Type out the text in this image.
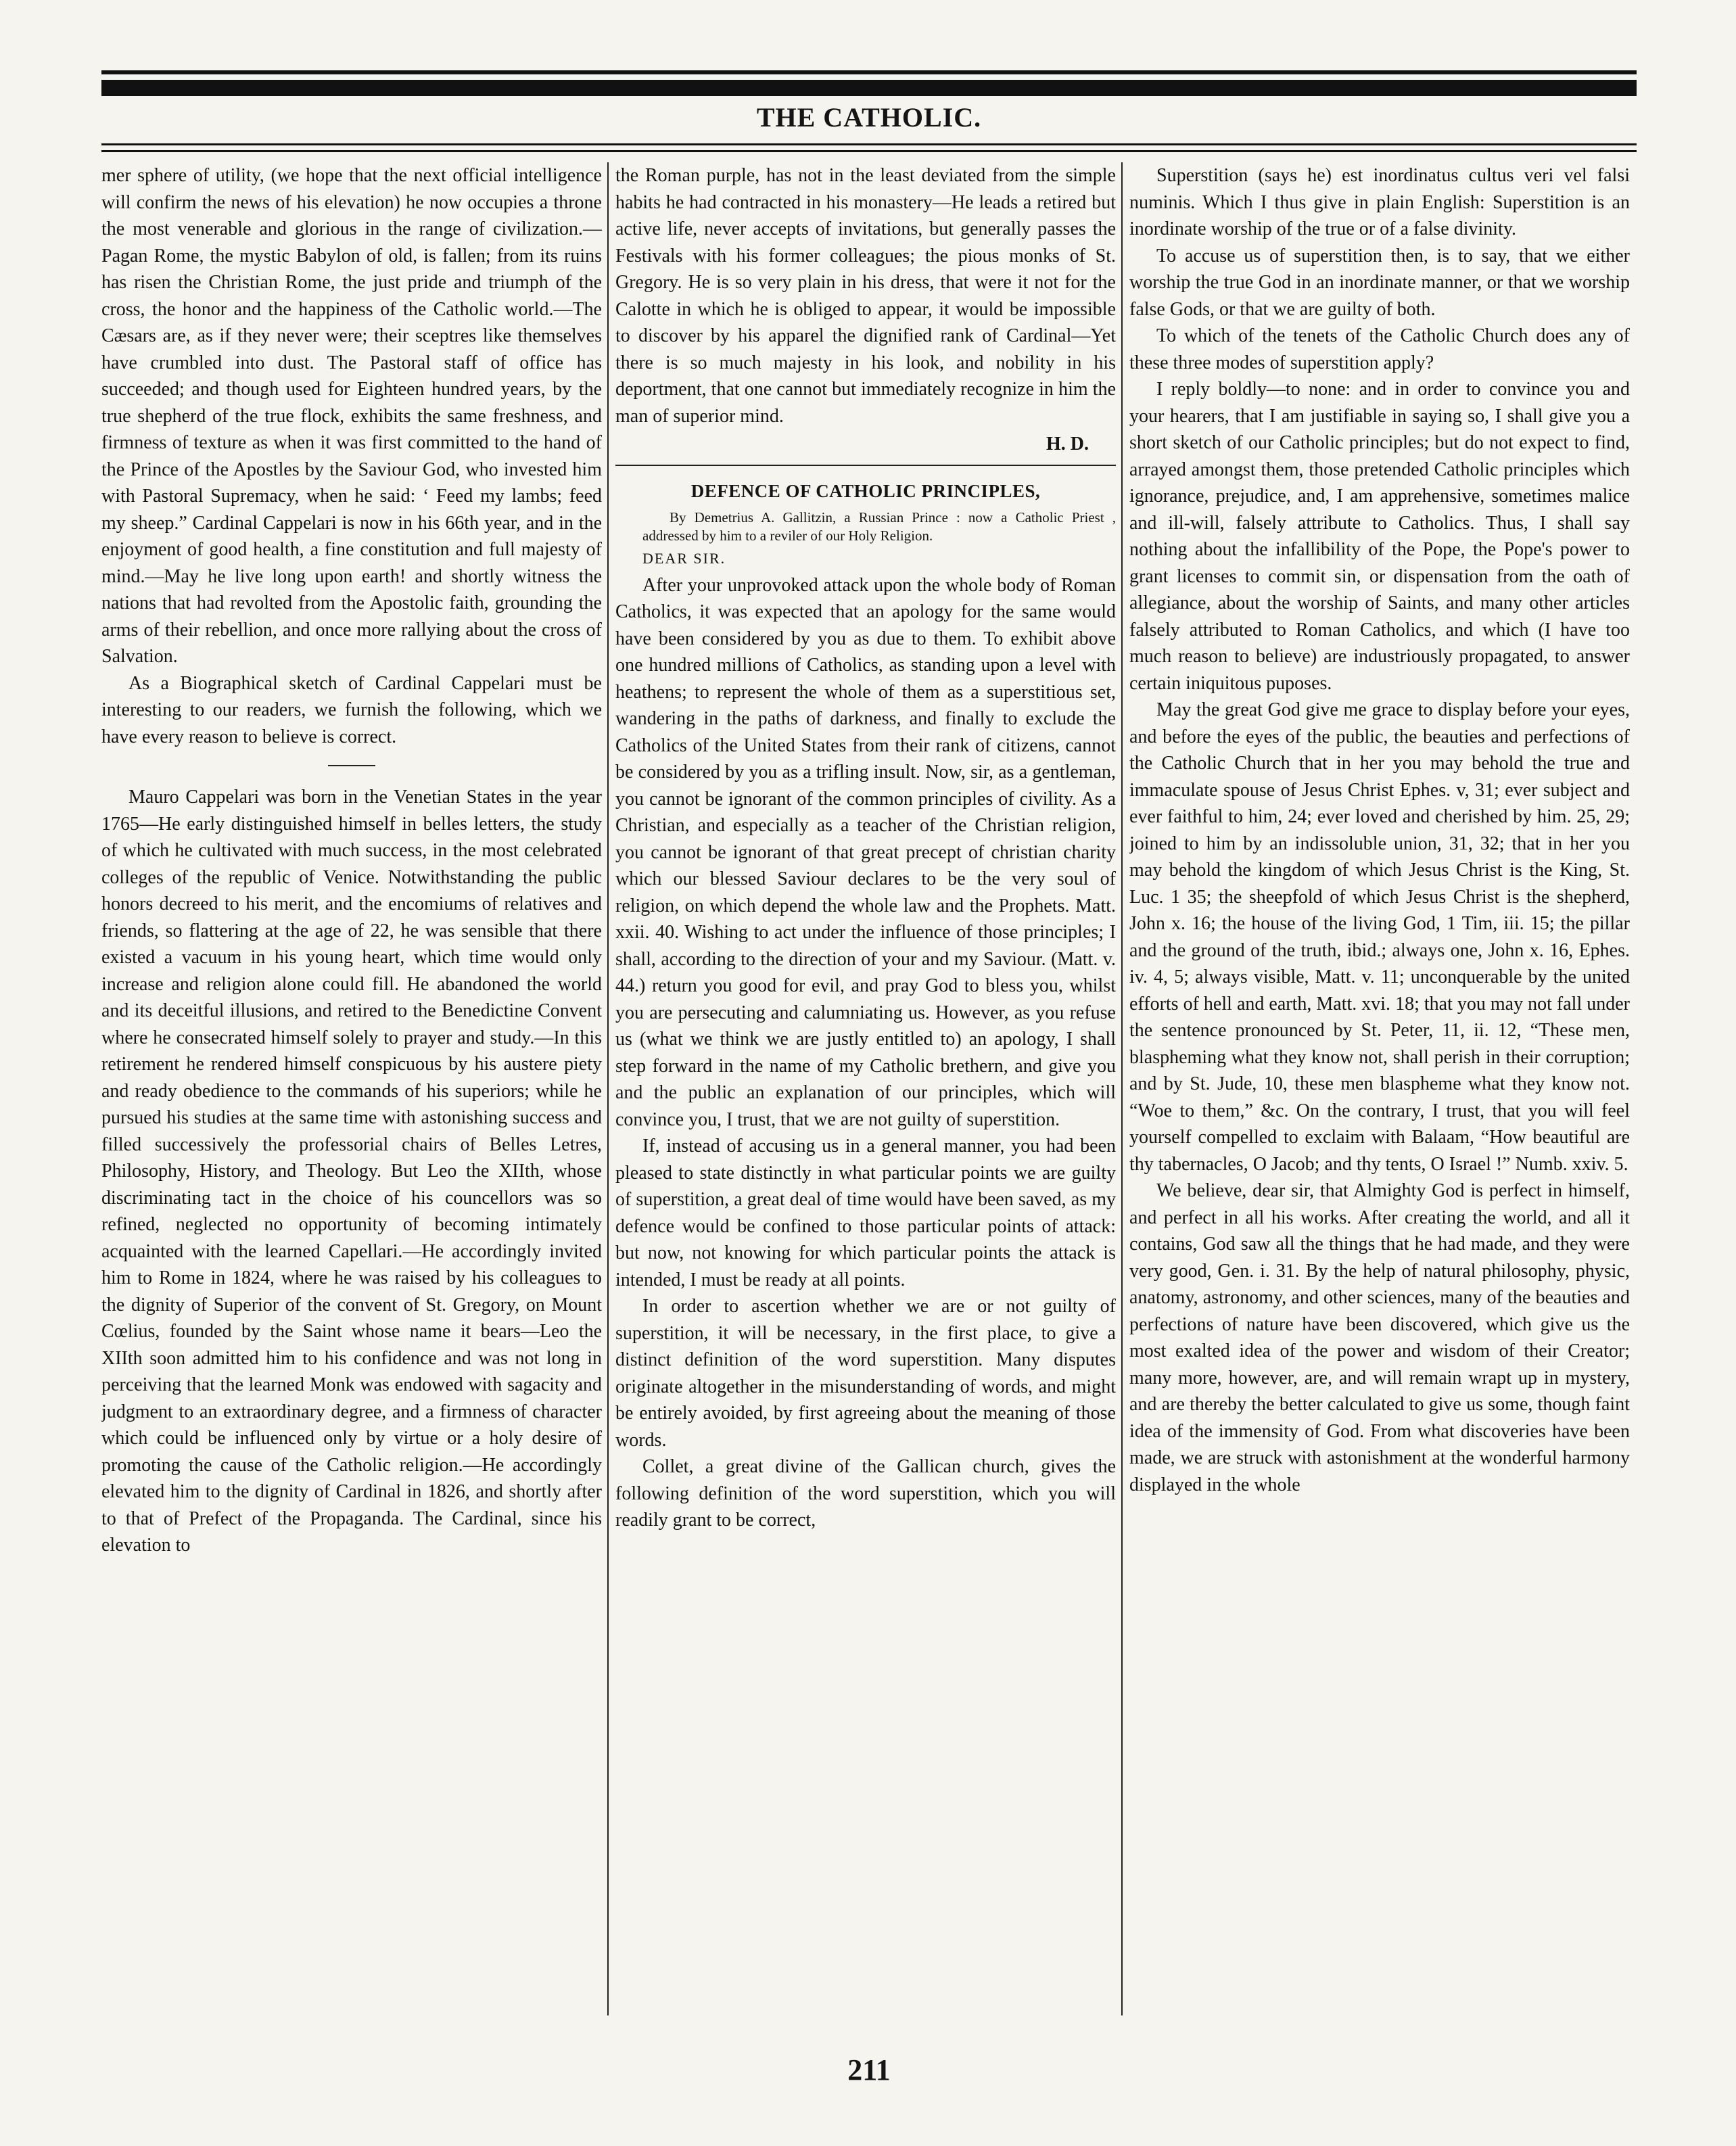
THE CATHOLIC.

mer sphere of utility, (we hope that the next official intelligence will confirm the news of his elevation) he now occupies a throne the most venerable and glorious in the range of civilization.—Pagan Rome, the mystic Babylon of old, is fallen; from its ruins has risen the Christian Rome, the just pride and triumph of the cross, the honor and the happiness of the Catholic world.—The Cæsars are, as if they never were; their sceptres like themselves have crumbled into dust. The Pastoral staff of office has succeeded; and though used for Eighteen hundred years, by the true shepherd of the true flock, exhibits the same freshness, and firmness of texture as when it was first committed to the hand of the Prince of the Apostles by the Saviour God, who invested him with Pastoral Supremacy, when he said: ‘ Feed my lambs; feed my sheep.” Cardinal Cappelari is now in his 66th year, and in the enjoyment of good health, a fine constitution and full majesty of mind.—May he live long upon earth! and shortly witness the nations that had revolted from the Apostolic faith, grounding the arms of their rebellion, and once more rallying about the cross of Salvation.

As a Biographical sketch of Cardinal Cappelari must be interesting to our readers, we furnish the following, which we have every reason to believe is correct.

Mauro Cappelari was born in the Venetian States in the year 1765—He early distinguished himself in belles letters, the study of which he cultivated with much success, in the most celebrated colleges of the republic of Venice. Notwithstanding the public honors decreed to his merit, and the encomiums of relatives and friends, so flattering at the age of 22, he was sensible that there existed a vacuum in his young heart, which time would only increase and religion alone could fill. He abandoned the world and its deceitful illusions, and retired to the Benedictine Convent where he consecrated himself solely to prayer and study.—In this retirement he rendered himself conspicuous by his austere piety and ready obedience to the commands of his superiors; while he pursued his studies at the same time with astonishing success and filled successively the professorial chairs of Belles Letres, Philosophy, History, and Theology. But Leo the XIIth, whose discriminating tact in the choice of his councellors was so refined, neglected no opportunity of becoming intimately acquainted with the learned Capellari.—He accordingly invited him to Rome in 1824, where he was raised by his colleagues to the dignity of Superior of the convent of St. Gregory, on Mount Cœlius, founded by the Saint whose name it bears—Leo the XIIth soon admitted him to his confidence and was not long in perceiving that the learned Monk was endowed with sagacity and judgment to an extraordinary degree, and a firmness of character which could be influenced only by virtue or a holy desire of promoting the cause of the Catholic religion.—He accordingly elevated him to the dignity of Cardinal in 1826, and shortly after to that of Prefect of the Propaganda. The Cardinal, since his elevation to

the Roman purple, has not in the least deviated from the simple habits he had contracted in his monastery—He leads a retired but active life, never accepts of invitations, but generally passes the Festivals with his former colleagues; the pious monks of St. Gregory. He is so very plain in his dress, that were it not for the Calotte in which he is obliged to appear, it would be impossible to discover by his apparel the dignified rank of Cardinal—Yet there is so much majesty in his look, and nobility in his deportment, that one cannot but immediately recognize in him the man of superior mind.

H. D.
DEFENCE OF CATHOLIC PRINCIPLES,

By Demetrius A. Gallitzin, a Russian Prince : now a Catholic Priest , addressed by him to a reviler of our Holy Religion.

DEAR SIR.

After your unprovoked attack upon the whole body of Roman Catholics, it was expected that an apology for the same would have been considered by you as due to them. To exhibit above one hundred millions of Catholics, as standing upon a level with heathens; to represent the whole of them as a superstitious set, wandering in the paths of darkness, and finally to exclude the Catholics of the United States from their rank of citizens, cannot be considered by you as a trifling insult. Now, sir, as a gentleman, you cannot be ignorant of the common principles of civility. As a Christian, and especially as a teacher of the Christian religion, you cannot be ignorant of that great precept of christian charity which our blessed Saviour declares to be the very soul of religion, on which depend the whole law and the Prophets. Matt. xxii. 40. Wishing to act under the influence of those principles; I shall, according to the direction of your and my Saviour. (Matt. v. 44.) return you good for evil, and pray God to bless you, whilst you are persecuting and calumniating us. However, as you refuse us (what we think we are justly entitled to) an apology, I shall step forward in the name of my Catholic brethern, and give you and the public an explanation of our principles, which will convince you, I trust, that we are not guilty of superstition.

If, instead of accusing us in a general manner, you had been pleased to state distinctly in what particular points we are guilty of superstition, a great deal of time would have been saved, as my defence would be confined to those particular points of attack: but now, not knowing for which particular points the attack is intended, I must be ready at all points.

In order to ascertion whether we are or not guilty of superstition, it will be necessary, in the first place, to give a distinct definition of the word superstition. Many disputes originate altogether in the misunderstanding of words, and might be entirely avoided, by first agreeing about the meaning of those words.

Collet, a great divine of the Gallican church, gives the following definition of the word superstition, which you will readily grant to be correct,

Superstition (says he) est inordinatus cultus veri vel falsi numinis. Which I thus give in plain English: Superstition is an inordinate worship of the true or of a false divinity.

To accuse us of superstition then, is to say, that we either worship the true God in an inordinate manner, or that we worship false Gods, or that we are guilty of both.

To which of the tenets of the Catholic Church does any of these three modes of superstition apply?

I reply boldly—to none: and in order to convince you and your hearers, that I am justifiable in saying so, I shall give you a short sketch of our Catholic principles; but do not expect to find, arrayed amongst them, those pretended Catholic principles which ignorance, prejudice, and, I am apprehensive, sometimes malice and ill-will, falsely attribute to Catholics. Thus, I shall say nothing about the infallibility of the Pope, the Pope's power to grant licenses to commit sin, or dispensation from the oath of allegiance, about the worship of Saints, and many other articles falsely attributed to Roman Catholics, and which (I have too much reason to believe) are industriously propagated, to answer certain iniquitous puposes.

May the great God give me grace to display before your eyes, and before the eyes of the public, the beauties and perfections of the Catholic Church that in her you may behold the true and immaculate spouse of Jesus Christ Ephes. v, 31; ever subject and ever faithful to him, 24; ever loved and cherished by him. 25, 29; joined to him by an indissoluble union, 31, 32; that in her you may behold the kingdom of which Jesus Christ is the King, St. Luc. 1 35; the sheepfold of which Jesus Christ is the shepherd, John x. 16; the house of the living God, 1 Tim, iii. 15; the pillar and the ground of the truth, ibid.; always one, John x. 16, Ephes. iv. 4, 5; always visible, Matt. v. 11; unconquerable by the united efforts of hell and earth, Matt. xvi. 18; that you may not fall under the sentence pronounced by St. Peter, 11, ii. 12, “These men, blaspheming what they know not, shall perish in their corruption; and by St. Jude, 10, these men blaspheme what they know not. “Woe to them,” &c. On the contrary, I trust, that you will feel yourself compelled to exclaim with Balaam, “How beautiful are thy tabernacles, O Jacob; and thy tents, O Israel !” Numb. xxiv. 5.

We believe, dear sir, that Almighty God is perfect in himself, and perfect in all his works. After creating the world, and all it contains, God saw all the things that he had made, and they were very good, Gen. i. 31. By the help of natural philosophy, physic, anatomy, astronomy, and other sciences, many of the beauties and perfections of nature have been discovered, which give us the most exalted idea of the power and wisdom of their Creator; many more, however, are, and will remain wrapt up in mystery, and are thereby the better calculated to give us some, though faint idea of the immensity of God. From what discoveries have been made, we are struck with astonishment at the wonderful harmony displayed in the whole

211
